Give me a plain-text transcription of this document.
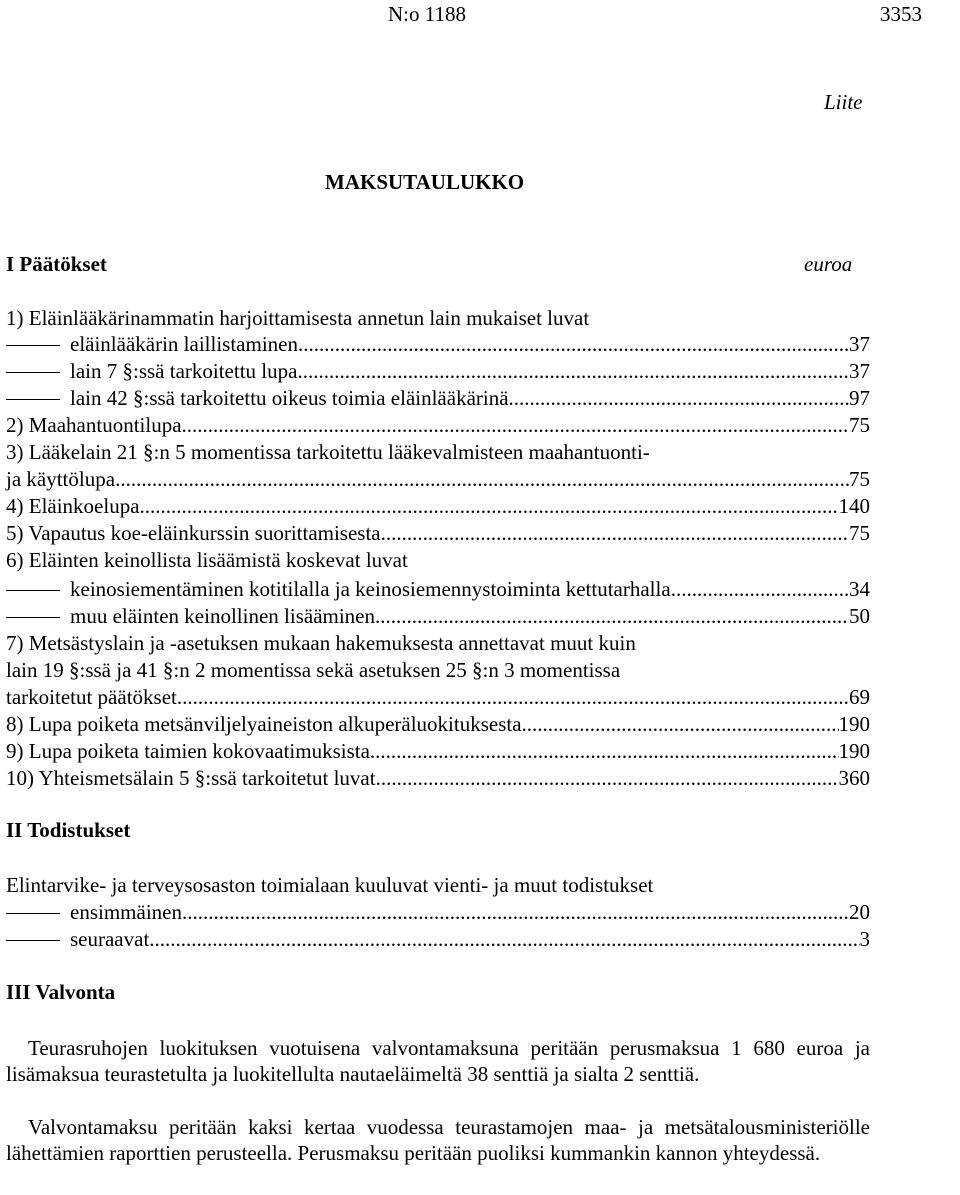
N:o 1188	3353
Liite
MAKSUTAULUKKO
I Päätökset	euroa
1) Eläinlääkärinammatin harjoittamisesta annetun lain mukaiset luvat
eläinlääkärin laillistaminen .....	37
lain 7 §:ssä tarkoitettu lupa .....	37
lain 42 §:ssä tarkoitettu oikeus toimia eläinlääkärinä .....	97
2) Maahantuontilupa .....	75
3) Lääkelain 21 §:n 5 momentissa tarkoitettu lääkevalmisteen maahantuonti-
ja käyttölupa .....	75
4) Eläinkoelupa .....	140
5) Vapautus koe-eläinkurssin suorittamisesta .....	75
6) Eläinten keinollista lisäämistä koskevat luvat
keinosiementäminen kotitilalla ja keinosiemennystoiminta kettutarhalla .....	34
muu eläinten keinollinen lisääminen .....	50
7) Metsästyslain ja -asetuksen mukaan hakemuksesta annettavat muut kuin
lain 19 §:ssä ja 41 §:n 2 momentissa sekä asetuksen 25 §:n 3 momentissa
tarkoitetut päätökset .....	69
8) Lupa poiketa metsänviljelyaineiston alkuperäluokituksesta .....	190
9) Lupa poiketa taimien kokovaatimuksista .....	190
10) Yhteismetsälain 5 §:ssä tarkoitetut luvat .....	360
II Todistukset
Elintarvike- ja terveysosaston toimialaan kuuluvat vienti- ja muut todistukset
ensimmäinen .....	20
seuraavat .....	3
III Valvonta
Teurasruhojen luokituksen vuotuisena valvontamaksuna peritään perusmaksua 1 680 euroa ja lisämaksua teurastetulta ja luokitellulta nautaeläimeltä 38 senttiä ja sialta 2 senttiä.
Valvontamaksu peritään kaksi kertaa vuodessa teurastamojen maa- ja metsätalousministeriölle lähettämien raporttien perusteella. Perusmaksu peritään puoliksi kummankin kannon yhteydessä.
